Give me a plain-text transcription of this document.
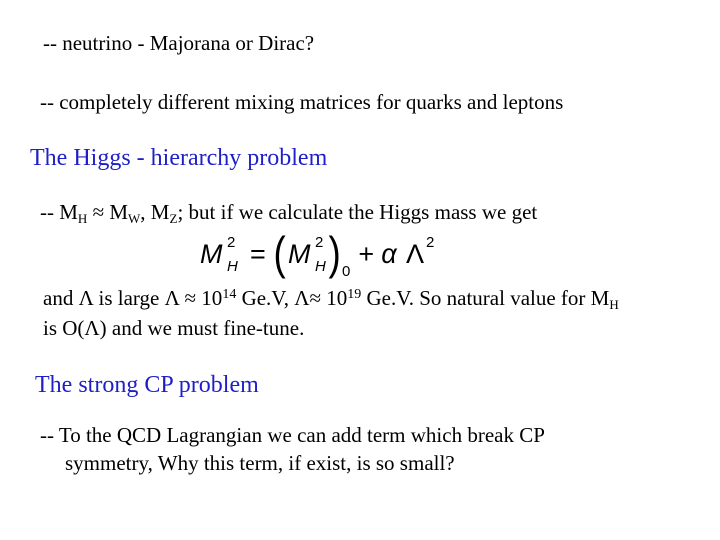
-- neutrino - Majorana or Dirac?
-- completely different mixing matrices for quarks and leptons
The Higgs - hierarchy problem
-- $M_H \approx M_W$, $M_Z$; but if we calculate the Higgs mass we get
M 2
H = ( M 2
H ) 0
+ α Λ 2
and Λ is large $\Lambda \approx 10^{14}$ Ge.V, $\Lambda\approx 10^{19}$ Ge.V. So natural value for $M_H$
is O(Λ) and we must fine-tune.
The strong CP problem
-- To the QCD Lagrangian we can add term which break CP
symmetry, Why this term, if exist, is so small?
